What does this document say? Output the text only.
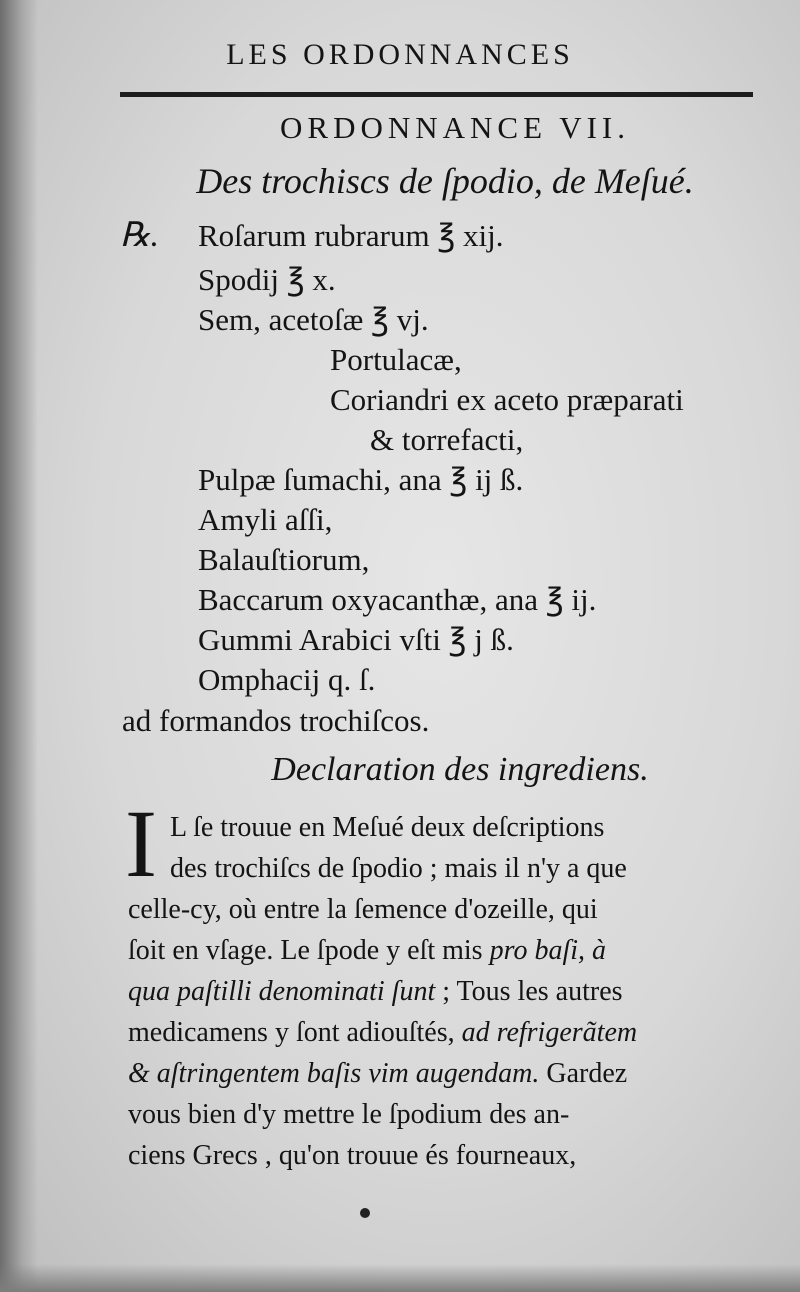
LES ORDONNANCES
ORDONNANCE VII.
Des trochiscs de ſpodio, de Meſué.
℞. Roſarum rubrarum ℥ xij.
Spodij ℥ x.
Sem, acetoſæ ℥ vj.
Portulacæ,
Coriandri ex aceto præparati
& torrefacti,
Pulpæ ſumachi, ana ℥ ij ß.
Amyli aſſi,
Balauſtiorum,
Baccarum oxyacanthæ, ana ℥ ij.
Gummi Arabici vſti ℥ j ß.
Omphacij q. ſ.
ad formandos trochiſcos.
Declaration des ingrediens.
I L ſe trouue en Meſué deux deſcriptions
des trochiſcs de ſpodio ; mais il n'y a que
celle-cy, où entre la ſemence d'ozeille, qui
ſoit en vſage. Le ſpode y eſt mis pro baſi, à
qua paſtilli denominati ſunt ; Tous les autres
medicamens y ſont adiouſtés, ad refrigerãtem
& aſtringentem baſis vim augendam. Gardez
vous bien d'y mettre le ſpodium des an-
ciens Grecs , qu'on trouue és fourneaux,
